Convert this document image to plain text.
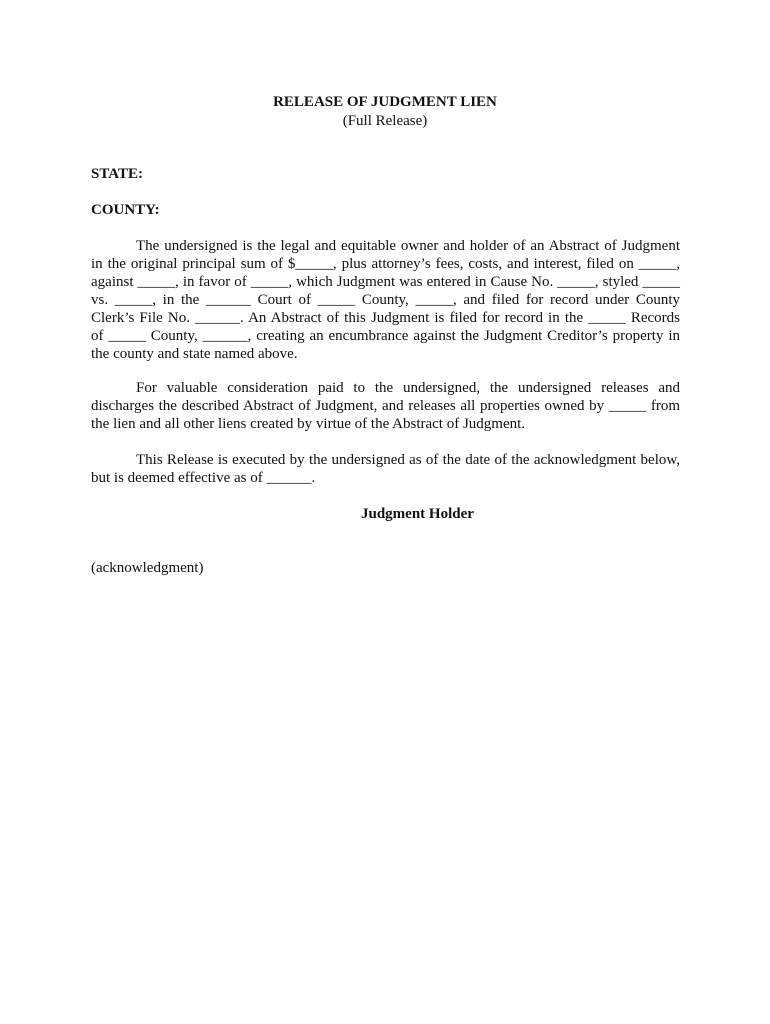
RELEASE OF JUDGMENT LIEN
(Full Release)
STATE:
COUNTY:
The undersigned is the legal and equitable owner and holder of an Abstract of Judgment
in the original principal sum of $_____, plus attorney’s fees, costs, and interest, filed on _____,
against _____, in favor of _____, which Judgment was entered in Cause No. _____, styled _____
vs. _____, in the ______ Court of _____ County, _____, and filed for record under County
Clerk’s File No. ______. An Abstract of this Judgment is filed for record in the _____ Records
of _____ County, ______, creating an encumbrance against the Judgment Creditor’s property in
the county and state named above.
For valuable consideration paid to the undersigned, the undersigned releases and
discharges the described Abstract of Judgment, and releases all properties owned by _____ from
the lien and all other liens created by virtue of the Abstract of Judgment.
This Release is executed by the undersigned as of the date of the acknowledgment below,
but is deemed effective as of ______.
Judgment Holder
(acknowledgment)
